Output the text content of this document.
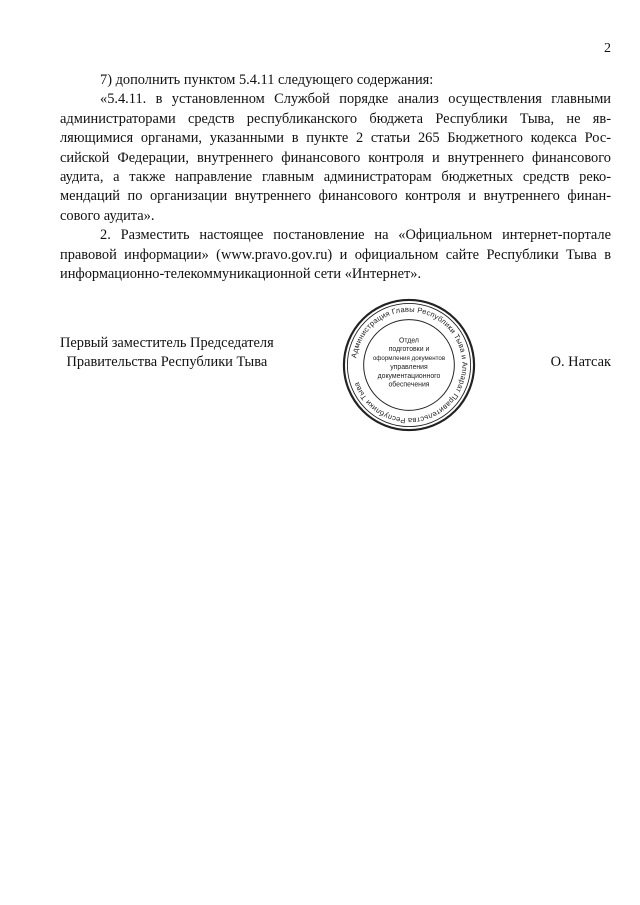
2

7) дополнить пунктом 5.4.11 следующего содержания:

«5.4.11. в установленном Службой порядке анализ осуществления главными администраторами средств республиканского бюджета Республики Тыва, не являющимися органами, указанными в пункте 2 статьи 265 Бюджетного кодекса Российской Федерации, внутреннего финансового контроля и внутреннего финансового аудита, а также направление главным администраторам бюджетных средств рекомендаций по организации внутреннего финансового контроля и внутреннего финансового аудита».

2. Разместить настоящее постановление на «Официальном интернет-портале правовой информации» (www.pravo.gov.ru) и официальном сайте Республики Тыва в информационно-телекоммуникационной сети «Интернет».

Первый заместитель Председателя
Правительства Республики Тыва	О. Натсак
Администрация Главы Республики Тыва и Аппарат Правительства Республики Тыва
Отдел
подготовки и
оформления документов
управления
документационного
обеспечения
